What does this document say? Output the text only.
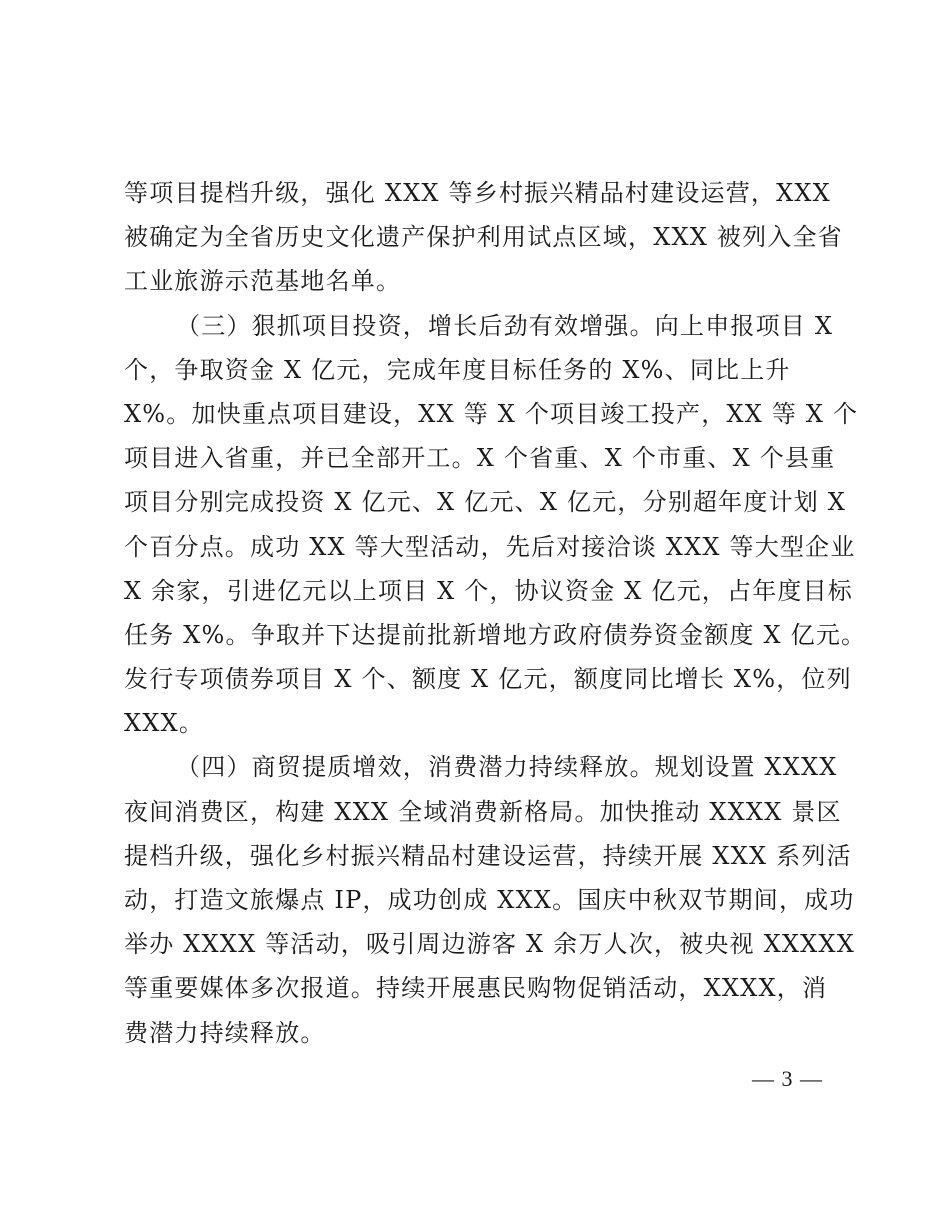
等项目提档升级，强化 XXX 等乡村振兴精品村建设运营，XXX
被确定为全省历史文化遗产保护利用试点区域，XXX 被列入全省
工业旅游示范基地名单。
（三）狠抓项目投资，增长后劲有效增强。向上申报项目 X
个，争取资金 X 亿元，完成年度目标任务的 X%、同比上升
X%。加快重点项目建设，XX 等 X 个项目竣工投产，XX 等 X 个
项目进入省重，并已全部开工。X 个省重、X 个市重、X 个县重
项目分别完成投资 X 亿元、X 亿元、X 亿元，分别超年度计划 X
个百分点。成功 XX 等大型活动，先后对接洽谈 XXX 等大型企业
X 余家，引进亿元以上项目 X 个，协议资金 X 亿元，占年度目标
任务 X%。争取并下达提前批新增地方政府债券资金额度 X 亿元。
发行专项债券项目 X 个、额度 X 亿元，额度同比增长 X%，位列
XXX。
（四）商贸提质增效，消费潜力持续释放。规划设置 XXXX
夜间消费区，构建 XXX 全域消费新格局。加快推动 XXXX 景区
提档升级，强化乡村振兴精品村建设运营，持续开展 XXX 系列活
动，打造文旅爆点 IP，成功创成 XXX。国庆中秋双节期间，成功
举办 XXXX 等活动，吸引周边游客 X 余万人次，被央视 XXXXX
等重要媒体多次报道。持续开展惠民购物促销活动，XXXX，消
费潜力持续释放。
— 3 —
